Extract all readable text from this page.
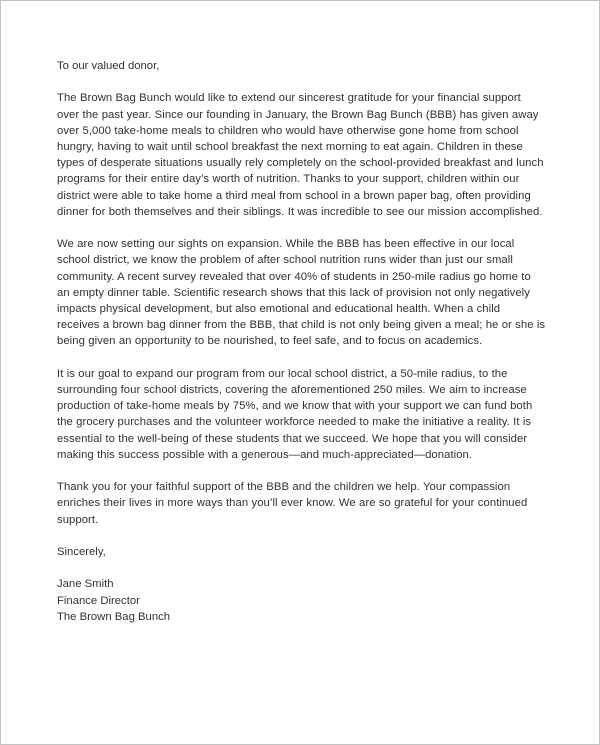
To our valued donor,

The Brown Bag Bunch would like to extend our sincerest gratitude for your financial support
over the past year. Since our founding in January, the Brown Bag Bunch (BBB) has given away
over 5,000 take-home meals to children who would have otherwise gone home from school
hungry, having to wait until school breakfast the next morning to eat again. Children in these
types of desperate situations usually rely completely on the school-provided breakfast and lunch
programs for their entire day’s worth of nutrition. Thanks to your support, children within our
district were able to take home a third meal from school in a brown paper bag, often providing
dinner for both themselves and their siblings. It was incredible to see our mission accomplished.

We are now setting our sights on expansion. While the BBB has been effective in our local
school district, we know the problem of after school nutrition runs wider than just our small
community. A recent survey revealed that over 40% of students in 250-mile radius go home to
an empty dinner table. Scientific research shows that this lack of provision not only negatively
impacts physical development, but also emotional and educational health. When a child
receives a brown bag dinner from the BBB, that child is not only being given a meal; he or she is
being given an opportunity to be nourished, to feel safe, and to focus on academics.

It is our goal to expand our program from our local school district, a 50-mile radius, to the
surrounding four school districts, covering the aforementioned 250 miles. We aim to increase
production of take-home meals by 75%, and we know that with your support we can fund both
the grocery purchases and the volunteer workforce needed to make the initiative a reality. It is
essential to the well-being of these students that we succeed. We hope that you will consider
making this success possible with a generous—and much-appreciated—donation.

Thank you for your faithful support of the BBB and the children we help. Your compassion
enriches their lives in more ways than you’ll ever know. We are so grateful for your continued
support.

Sincerely,

Jane Smith
Finance Director
The Brown Bag Bunch
